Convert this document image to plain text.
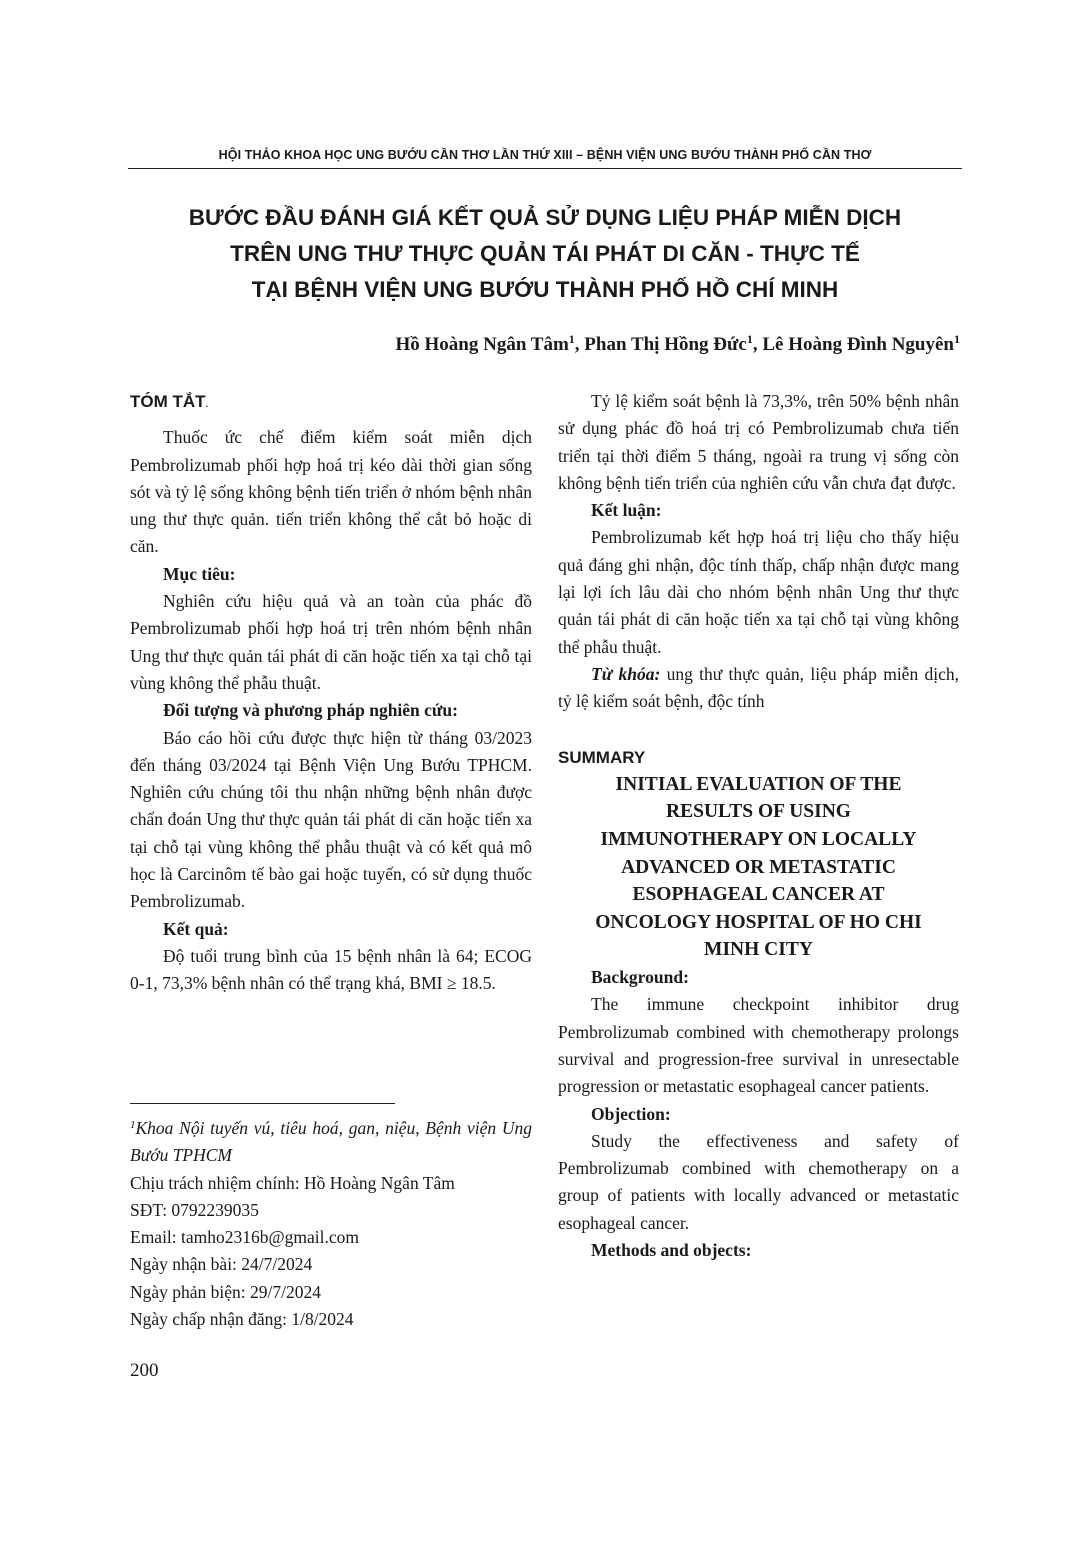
HỘI THẢO KHOA HỌC UNG BƯỚU CẦN THƠ LẦN THỨ XIII – BỆNH VIỆN UNG BƯỚU THÀNH PHỐ CẦN THƠ
BƯỚC ĐẦU ĐÁNH GIÁ KẾT QUẢ SỬ DỤNG LIỆU PHÁP MIỄN DỊCH
TRÊN UNG THƯ THỰC QUẢN TÁI PHÁT DI CĂN - THỰC TẾ
TẠI BỆNH VIỆN UNG BƯỚU THÀNH PHỐ HỒ CHÍ MINH
Hồ Hoàng Ngân Tâm$^1$, Phan Thị Hồng Đức$^1$, Lê Hoàng Đình Nguyên$^1$

TÓM TẮT.

Thuốc ức chế điểm kiểm soát miễn dịch Pembrolizumab phối hợp hoá trị kéo dài thời gian sống sót và tỷ lệ sống không bệnh tiến triển ở nhóm bệnh nhân ung thư thực quản. tiến triển không thể cắt bỏ hoặc di căn.

Mục tiêu:

Nghiên cứu hiệu quả và an toàn của phác đồ Pembrolizumab phối hợp hoá trị trên nhóm bệnh nhân Ung thư thực quản tái phát di căn hoặc tiến xa tại chỗ tại vùng không thể phẫu thuật.

Đối tượng và phương pháp nghiên cứu:

Báo cáo hồi cứu được thực hiện từ tháng 03/2023 đến tháng 03/2024 tại Bệnh Viện Ung Bướu TPHCM. Nghiên cứu chúng tôi thu nhận những bệnh nhân được chẩn đoán Ung thư thực quản tái phát di căn hoặc tiến xa tại chỗ tại vùng không thể phẫu thuật và có kết quả mô học là Carcinôm tế bào gai hoặc tuyến, có sử dụng thuốc Pembrolizumab.

Kết quả:

Độ tuổi trung bình của 15 bệnh nhân là 64; ECOG 0-1, 73,3% bệnh nhân có thể trạng khá, BMI ≥ 18.5.

Tỷ lệ kiểm soát bệnh là 73,3%, trên 50% bệnh nhân sử dụng phác đồ hoá trị có Pembrolizumab chưa tiến triển tại thời điểm 5 tháng, ngoài ra trung vị sống còn không bệnh tiến triển của nghiên cứu vẫn chưa đạt được.

Kết luận:

Pembrolizumab kết hợp hoá trị liệu cho thấy hiệu quả đáng ghi nhận, độc tính thấp, chấp nhận được mang lại lợi ích lâu dài cho nhóm bệnh nhân Ung thư thực quản tái phát di căn hoặc tiến xa tại chỗ tại vùng không thể phẫu thuật.

Từ khóa: ung thư thực quản, liệu pháp miễn dịch, tỷ lệ kiểm soát bệnh, độc tính

SUMMARY

INITIAL EVALUATION OF THE
RESULTS OF USING
IMMUNOTHERAPY ON LOCALLY
ADVANCED OR METASTATIC
ESOPHAGEAL CANCER AT
ONCOLOGY HOSPITAL OF HO CHI
MINH CITY

Background:

The immune checkpoint inhibitor drug Pembrolizumab combined with chemotherapy prolongs survival and progression-free survival in unresectable progression or metastatic esophageal cancer patients.

Objection:

Study the effectiveness and safety of Pembrolizumab combined with chemotherapy on a group of patients with locally advanced or metastatic esophageal cancer.

Methods and objects:

$^1$Khoa Nội tuyến vú, tiêu hoá, gan, niệu, Bệnh viện Ung Bướu TPHCM

Chịu trách nhiệm chính: Hồ Hoàng Ngân Tâm

SĐT: 0792239035

Email: tamho2316b@gmail.com

Ngày nhận bài: 24/7/2024

Ngày phản biện: 29/7/2024

Ngày chấp nhận đăng: 1/8/2024

200
